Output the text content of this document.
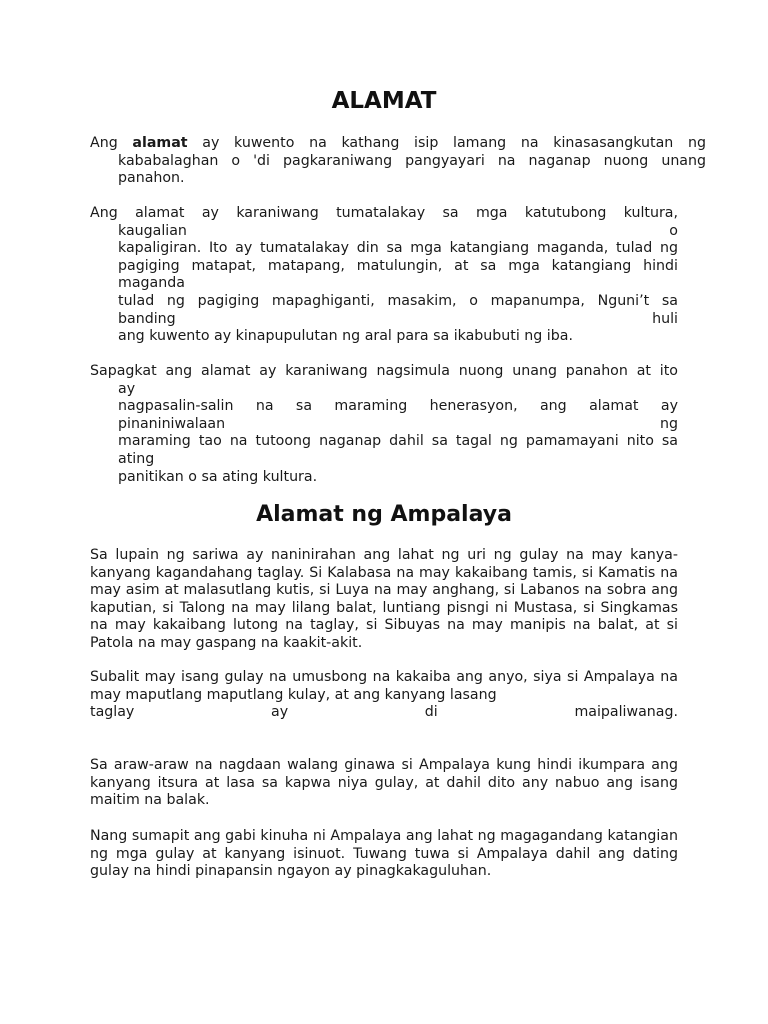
ALAMAT

Ang alamat ay kuwento na kathang isip lamang na kinasasangkutan ng kababalaghan o 'di pagkaraniwang pangyayari na naganap nuong unang panahon.

Ang alamat ay karaniwang tumatalakay sa mga katutubong kultura,
kaugalian o
kapaligiran. Ito ay tumatalakay din sa mga katangiang maganda, tulad ng
pagiging matapat, matapang, matulungin, at sa mga katangiang hindi
maganda
tulad ng pagiging mapaghiganti, masakim, o mapanumpa, Nguni’t sa
banding huli
ang kuwento ay kinapupulutan ng aral para sa ikabubuti ng iba.

Sapagkat ang alamat ay karaniwang nagsimula nuong unang panahon at ito
ay
nagpasalin-salin na sa maraming henerasyon, ang alamat ay
pinaniniwalaan ng
maraming tao na tutoong naganap dahil sa tagal ng pamamayani nito sa
ating
panitikan o sa ating kultura.

Alamat ng Ampalaya

Sa lupain ng sariwa ay naninirahan ang lahat ng uri ng gulay na may kanya-kanyang kagandahang taglay. Si Kalabasa na may kakaibang tamis, si Kamatis na may asim at malasutlang kutis, si Luya na may anghang, si Labanos na sobra ang kaputian, si Talong na may lilang balat, luntiang pisngi ni Mustasa, si Singkamas na may kakaibang lutong na taglay, si Sibuyas na may manipis na balat, at si Patola na may gaspang na kaakit-akit.

Subalit may isang gulay na umusbong na kakaiba ang anyo, siya si Ampalaya na may maputlang maputlang kulay, at ang kanyang lasang
taglay ay di maipaliwanag.

Sa araw-araw na nagdaan walang ginawa si Ampalaya kung hindi ikumpara ang kanyang itsura at lasa sa kapwa niya gulay, at dahil dito any nabuo ang isang maitim na balak.

Nang sumapit ang gabi kinuha ni Ampalaya ang lahat ng magagandang katangian ng mga gulay at kanyang isinuot. Tuwang tuwa si Ampalaya dahil ang dating gulay na hindi pinapansin ngayon ay pinagkakaguluhan.
